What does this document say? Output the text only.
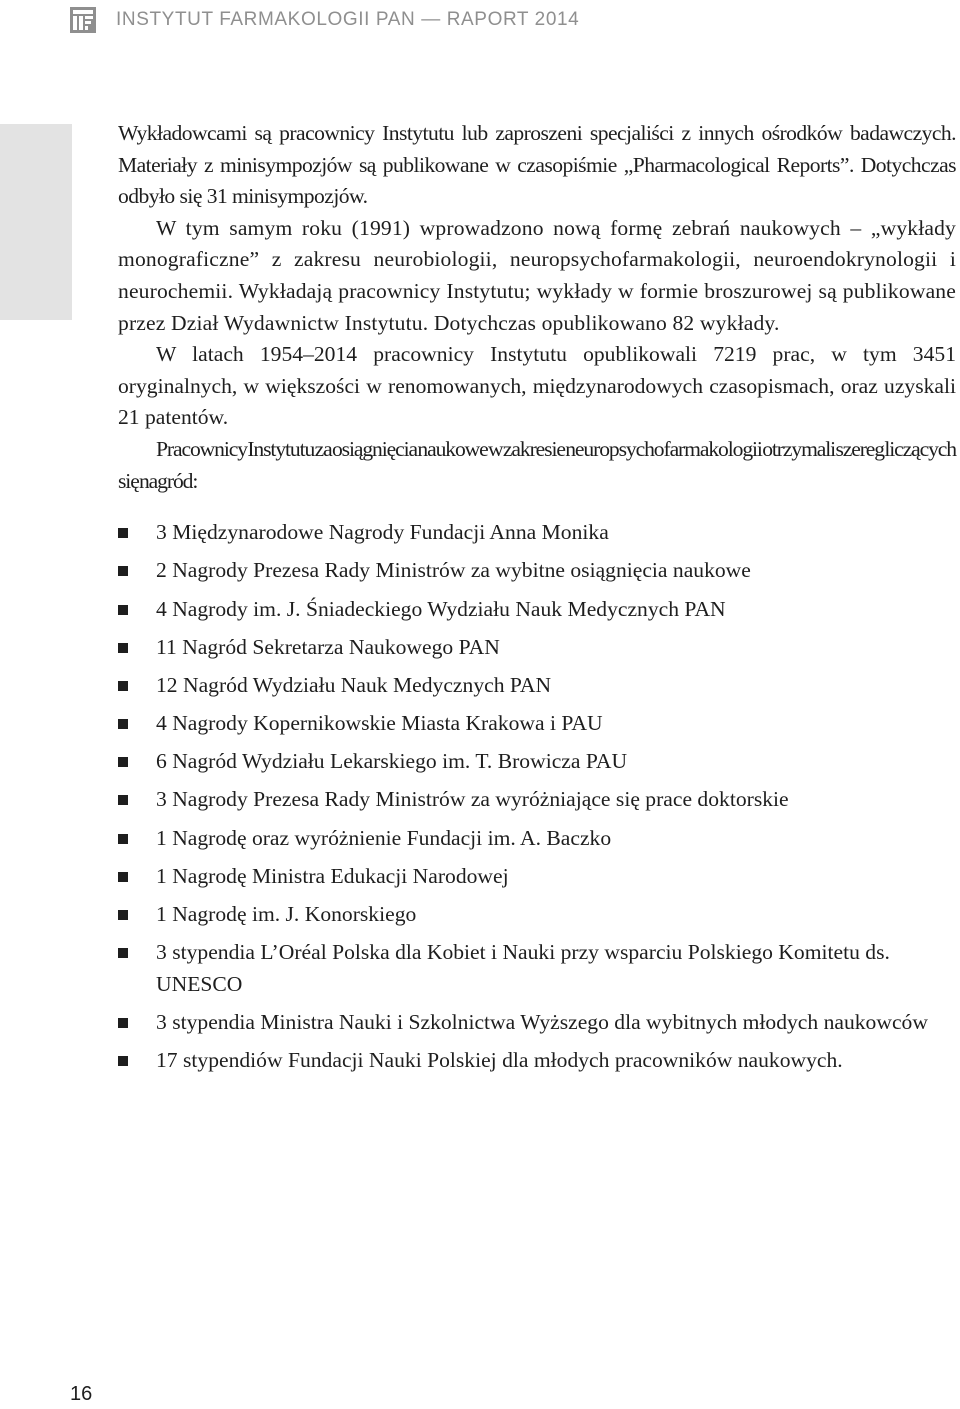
INSTYTUT FARMAKOLOGII PAN — RAPORT 2014

Wykładowcami są pracownicy Instytutu lub zaproszeni specjaliści z innych ośrodków badawczych. Materiały z minisympozjów są publikowane w czasopiśmie „Pharmacological Reports”. Dotychczas odbyło się 31 minisympozjów.

W tym samym roku (1991) wprowadzono nową formę zebrań naukowych – „wykłady monograficzne” z zakresu neurobiologii, neuropsychofarmakologii, neuroendokrynologii i neurochemii. Wykładają pracownicy Instytutu; wykłady w formie broszurowej są publikowane przez Dział Wydawnictw Instytutu. Dotychczas opublikowano 82 wykłady.

W latach 1954–2014 pracownicy Instytutu opublikowali 7219 prac, w tym 3451 oryginalnych, w większości w renomowanych, międzynarodowych czasopismach, oraz uzyskali 21 patentów.

Pracownicy Instytutu za osiągnięcia naukowe w zakresie neuropsychofarmakologii otrzymali szereg liczących się nagród:

3 Międzynarodowe Nagrody Fundacji Anna Monika
2 Nagrody Prezesa Rady Ministrów za wybitne osiągnięcia naukowe
4 Nagrody im. J. Śniadeckiego Wydziału Nauk Medycznych PAN
11 Nagród Sekretarza Naukowego PAN
12 Nagród Wydziału Nauk Medycznych PAN
4 Nagrody Kopernikowskie Miasta Krakowa i PAU
6 Nagród Wydziału Lekarskiego im. T. Browicza PAU
3 Nagrody Prezesa Rady Ministrów za wyróżniające się prace doktorskie
1 Nagrodę oraz wyróżnienie Fundacji im. A. Baczko
1 Nagrodę Ministra Edukacji Narodowej
1 Nagrodę im. J. Konorskiego
3 stypendia L’Oréal Polska dla Kobiet i Nauki przy wsparciu Polskiego Komitetu ds. UNESCO
3 stypendia Ministra Nauki i Szkolnictwa Wyższego dla wybitnych młodych naukowców
17 stypendiów Fundacji Nauki Polskiej dla młodych pracowników naukowych.
16
